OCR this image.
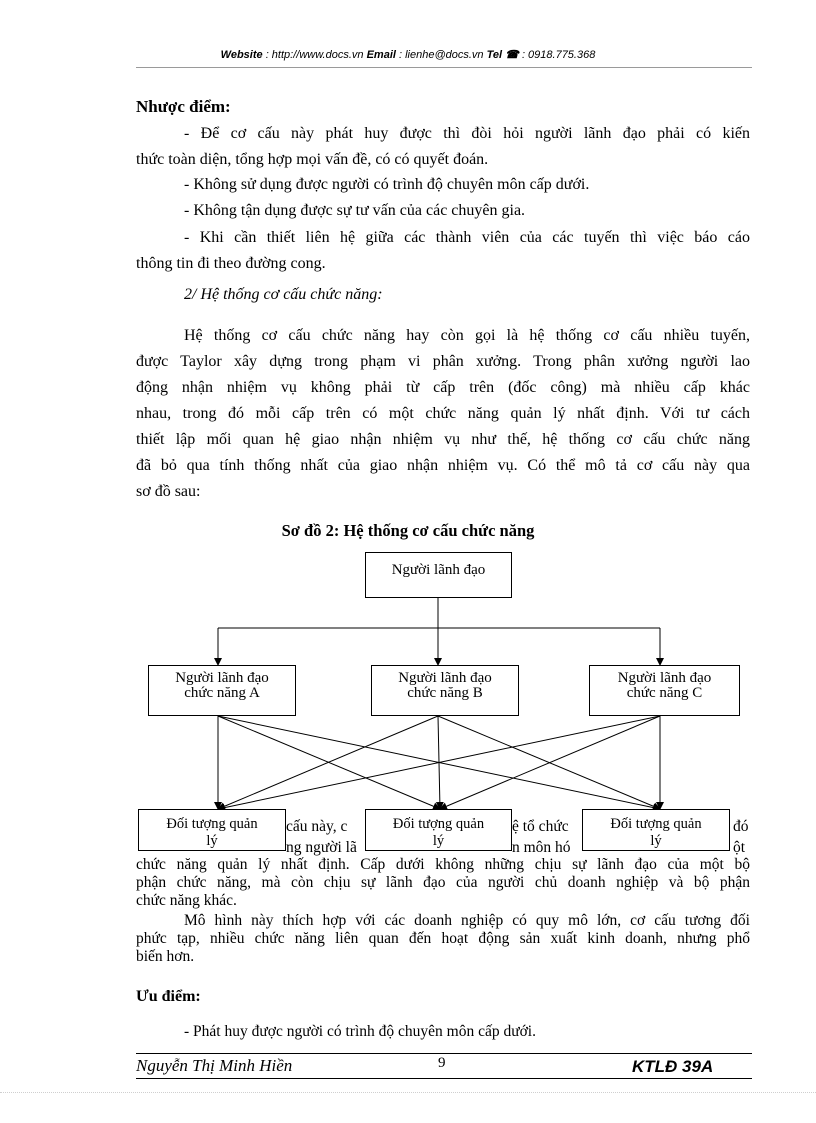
Website : http://www.docs.vn Email : lienhe@docs.vn Tel ☎ : 0918.775.368
Nhược điểm:
- Để cơ cấu này phát huy được thì đòi hỏi người lãnh đạo phải có kiến
thức toàn diện, tổng hợp mọi vấn đề, có có quyết đoán.
- Không sử dụng được người có trình độ chuyên môn cấp dưới.
- Không tận dụng được sự tư vấn của các chuyên gia.
- Khi cần thiết liên hệ giữa các thành viên của các tuyến thì việc báo cáo
thông tin đi theo đường cong.
2/ Hệ thống cơ cấu chức năng:
Hệ thống cơ cấu chức năng hay còn gọi là hệ thống cơ cấu nhiều tuyến,
được Taylor xây dựng trong phạm vi phân xưởng. Trong phân xưởng người lao
động nhận nhiệm vụ không phải từ cấp trên (đốc công) mà nhiều cấp khác
nhau, trong đó mỗi cấp trên có một chức năng quản lý nhất định. Với tư cách
thiết lập mối quan hệ giao nhận nhiệm vụ như thế, hệ thống cơ cấu chức năng
đã bỏ qua tính thống nhất của giao nhận nhiệm vụ. Có thể mô tả cơ cấu này qua
sơ đồ sau:
Sơ đồ 2: Hệ thống cơ cấu chức năng
Người lãnh đạo
Người lãnh đạo
chức năng A
Người lãnh đạo
chức năng B
Người lãnh đạo
chức năng C
cấu này, c	ệ tổ chức	đó
ng người lã	n môn hó	ột
Đối tượng quản
lý
Đối tượng quản
lý
Đối tượng quản
lý
chức năng quản lý nhất định. Cấp dưới không những chịu sự lãnh đạo của một bộ
phận chức năng, mà còn chịu sự lãnh đạo của người chủ doanh nghiệp và bộ phận
chức năng khác.
Mô hình này thích hợp với các doanh nghiệp có quy mô lớn, cơ cấu tương đối
phức tạp, nhiều chức năng liên quan đến hoạt động sản xuất kinh doanh, nhưng phổ
biến hơn.
Ưu điểm:
- Phát huy được người có trình độ chuyên môn cấp dưới.
Nguyễn Thị Minh Hiền	9	KTLĐ 39A
